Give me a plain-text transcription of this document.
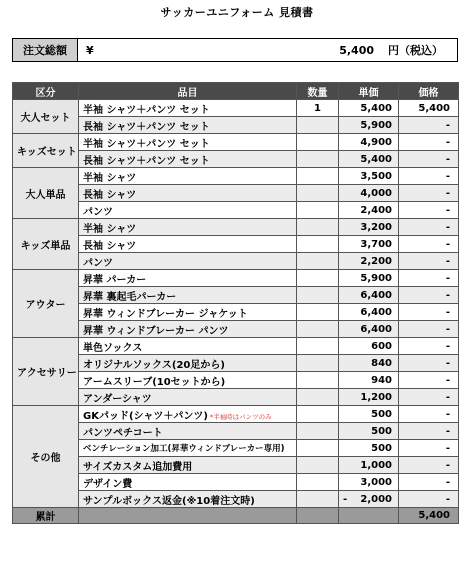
サッカーユニフォーム 見積書
注文総額	¥	5,400 円（税込）
区分	品目	数量	単価	価格
大人セット	半袖 シャツ＋パンツ セット	1	5,400	5,400
	長袖 シャツ＋パンツ セット		5,900	-
キッズセット	半袖 シャツ＋パンツ セット		4,900	-
	長袖 シャツ＋パンツ セット		5,400	-
大人単品	半袖 シャツ		3,500	-
	長袖 シャツ		4,000	-
	パンツ		2,400	-
キッズ単品	半袖 シャツ		3,200	-
	長袖 シャツ		3,700	-
	パンツ		2,200	-
アウター	昇華 パーカー		5,900	-
	昇華 裏起毛パーカー		6,400	-
	昇華 ウィンドブレーカー ジャケット		6,400	-
	昇華 ウィンドブレーカー パンツ		6,400	-
アクセサリー	単色ソックス		600	-
	オリジナルソックス(20足から)		840	-
	アームスリーブ(10セットから)		940	-
	アンダーシャツ		1,200	-
その他	GKパッド(シャツ＋パンツ) *半袖時はパンツのみ		500	-
	パンツペチコート		500	-
	ベンチレーション加工(昇華ウィンドブレーカー専用)		500	-
	サイズカスタム追加費用		1,000	-
	デザイン費		3,000	-
	サンプルボックス返金(※10着注文時)		- 2,000	-
累計				5,400
